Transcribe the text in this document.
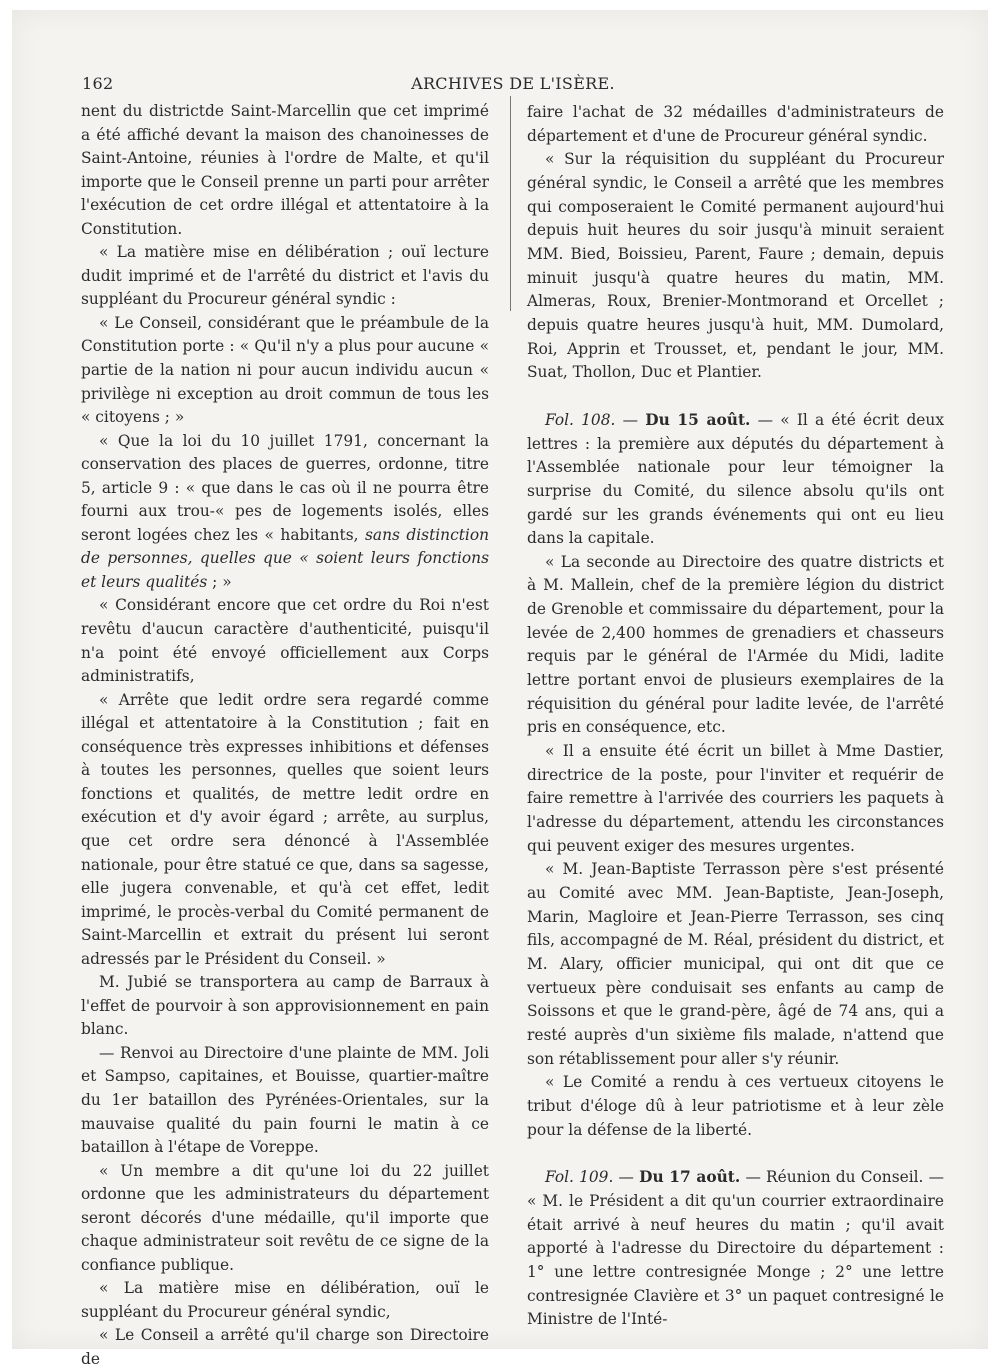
162	ARCHIVES DE L'ISÈRE.

nent du districtde Saint-Marcellin que cet imprimé a été affiché devant la maison des chanoinesses de Saint-Antoine, réunies à l'ordre de Malte, et qu'il importe que le Conseil prenne un parti pour arrêter l'exécution de cet ordre illégal et attentatoire à la Constitution.

« La matière mise en délibération ; ouï lecture dudit imprimé et de l'arrêté du district et l'avis du suppléant du Procureur général syndic :

« Le Conseil, considérant que le préambule de la Constitution porte : « Qu'il n'y a plus pour aucune « partie de la nation ni pour aucun individu aucun « privilège ni exception au droit commun de tous les « citoyens ; »

« Que la loi du 10 juillet 1791, concernant la conservation des places de guerres, ordonne, titre 5, article 9 : « que dans le cas où il ne pourra être fourni aux trou-« pes de logements isolés, elles seront logées chez les « habitants, sans distinction de personnes, quelles que « soient leurs fonctions et leurs qualités ; »

« Considérant encore que cet ordre du Roi n'est revêtu d'aucun caractère d'authenticité, puisqu'il n'a point été envoyé officiellement aux Corps administratifs,

« Arrête que ledit ordre sera regardé comme illégal et attentatoire à la Constitution ; fait en conséquence très expresses inhibitions et défenses à toutes les personnes, quelles que soient leurs fonctions et qualités, de mettre ledit ordre en exécution et d'y avoir égard ; arrête, au surplus, que cet ordre sera dénoncé à l'Assemblée nationale, pour être statué ce que, dans sa sagesse, elle jugera convenable, et qu'à cet effet, ledit imprimé, le procès-verbal du Comité permanent de Saint-Marcellin et extrait du présent lui seront adressés par le Président du Conseil. »

M. Jubié se transportera au camp de Barraux à l'effet de pourvoir à son approvisionnement en pain blanc.

— Renvoi au Directoire d'une plainte de MM. Joli et Sampso, capitaines, et Bouisse, quartier-maître du 1er bataillon des Pyrénées-Orientales, sur la mauvaise qualité du pain fourni le matin à ce bataillon à l'étape de Voreppe.

« Un membre a dit qu'une loi du 22 juillet ordonne que les administrateurs du département seront décorés d'une médaille, qu'il importe que chaque administrateur soit revêtu de ce signe de la confiance publique.

« La matière mise en délibération, ouï le suppléant du Procureur général syndic,

« Le Conseil a arrêté qu'il charge son Directoire de

faire l'achat de 32 médailles d'administrateurs de département et d'une de Procureur général syndic.

« Sur la réquisition du suppléant du Procureur général syndic, le Conseil a arrêté que les membres qui composeraient le Comité permanent aujourd'hui depuis huit heures du soir jusqu'à minuit seraient MM. Bied, Boissieu, Parent, Faure ; demain, depuis minuit jusqu'à quatre heures du matin, MM. Almeras, Roux, Brenier-Montmorand et Orcellet ; depuis quatre heures jusqu'à huit, MM. Dumolard, Roi, Apprin et Trousset, et, pendant le jour, MM. Suat, Thollon, Duc et Plantier.

Fol. 108. — Du 15 août. — « Il a été écrit deux lettres : la première aux députés du département à l'Assemblée nationale pour leur témoigner la surprise du Comité, du silence absolu qu'ils ont gardé sur les grands événements qui ont eu lieu dans la capitale.

« La seconde au Directoire des quatre districts et à M. Mallein, chef de la première légion du district de Grenoble et commissaire du département, pour la levée de 2,400 hommes de grenadiers et chasseurs requis par le général de l'Armée du Midi, ladite lettre portant envoi de plusieurs exemplaires de la réquisition du général pour ladite levée, de l'arrêté pris en conséquence, etc.

« Il a ensuite été écrit un billet à Mme Dastier, directrice de la poste, pour l'inviter et requérir de faire remettre à l'arrivée des courriers les paquets à l'adresse du département, attendu les circonstances qui peuvent exiger des mesures urgentes.

« M. Jean-Baptiste Terrasson père s'est présenté au Comité avec MM. Jean-Baptiste, Jean-Joseph, Marin, Magloire et Jean-Pierre Terrasson, ses cinq fils, accompagné de M. Réal, président du district, et M. Alary, officier municipal, qui ont dit que ce vertueux père conduisait ses enfants au camp de Soissons et que le grand-père, âgé de 74 ans, qui a resté auprès d'un sixième fils malade, n'attend que son rétablissement pour aller s'y réunir.

« Le Comité a rendu à ces vertueux citoyens le tribut d'éloge dû à leur patriotisme et à leur zèle pour la défense de la liberté.

Fol. 109. — Du 17 août. — Réunion du Conseil. — « M. le Président a dit qu'un courrier extraordinaire était arrivé à neuf heures du matin ; qu'il avait apporté à l'adresse du Directoire du département : 1° une lettre contresignée Monge ; 2° une lettre contresignée Clavière et 3° un paquet contresigné le Ministre de l'Inté-
